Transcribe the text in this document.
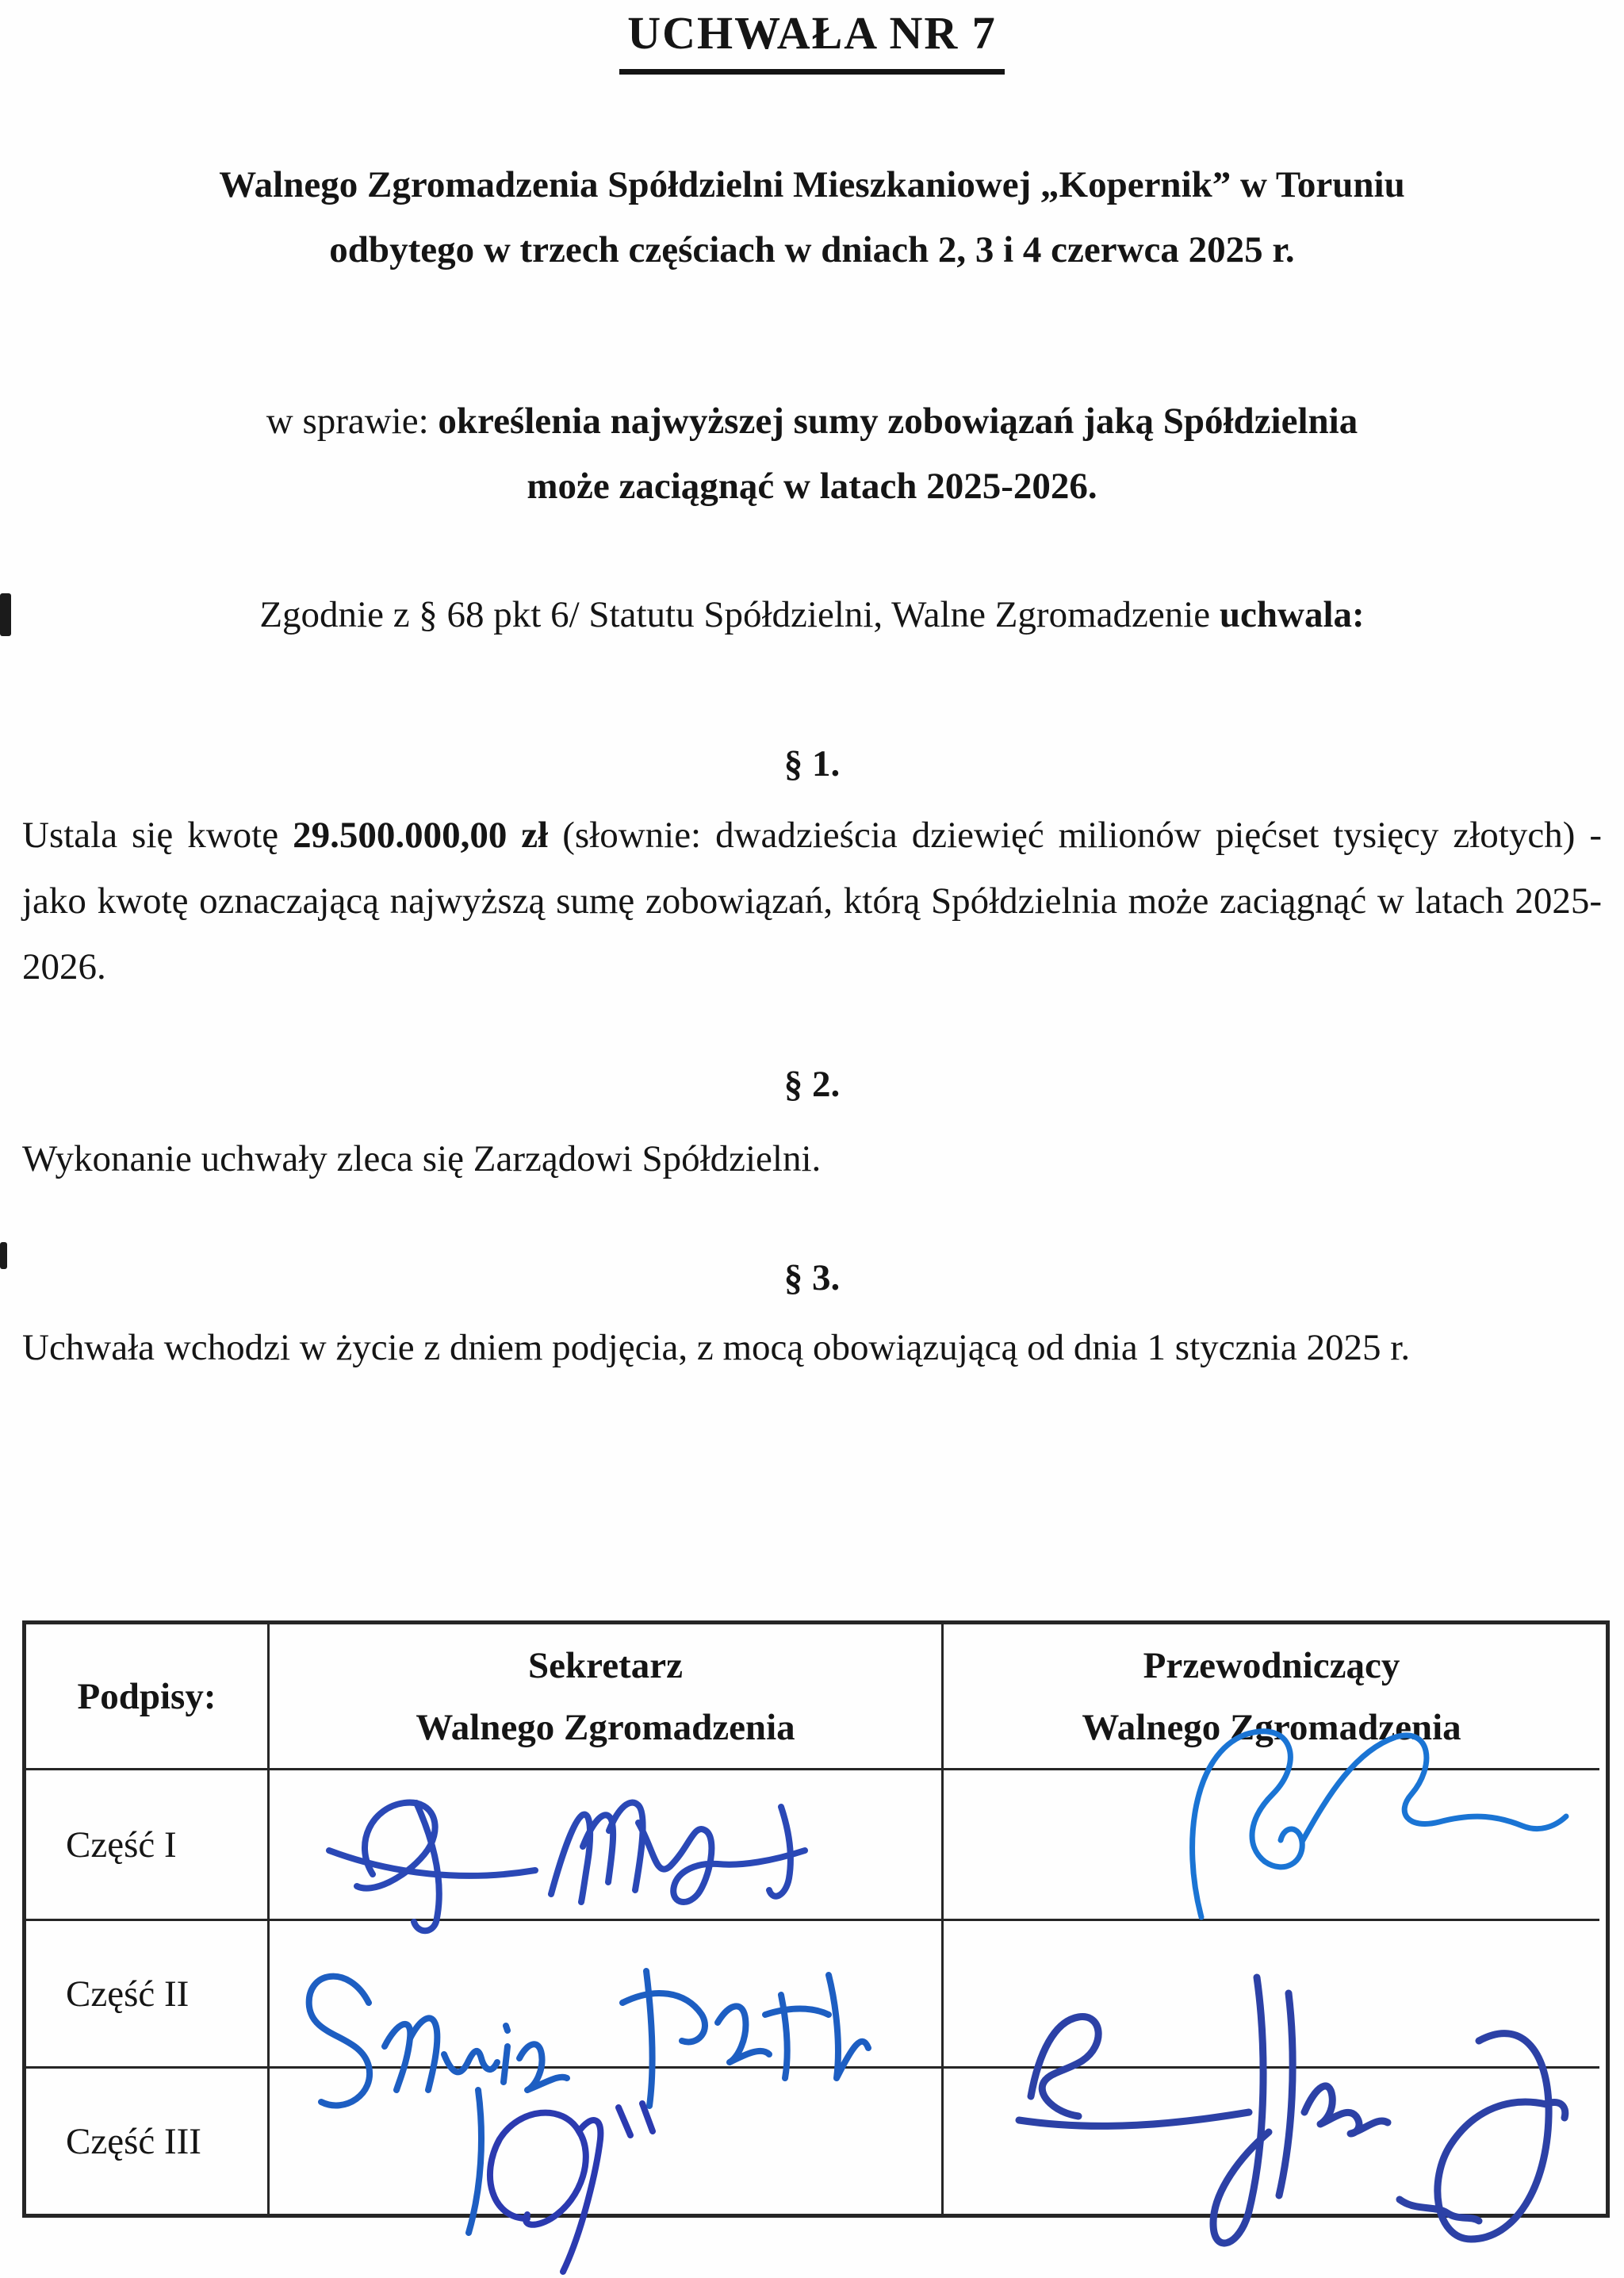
UCHWAŁA NR 7
Walnego Zgromadzenia Spółdzielni Mieszkaniowej „Kopernik” w Toruniu
odbytego w trzech częściach w dniach 2, 3 i 4 czerwca 2025 r.
w sprawie: określenia najwyższej sumy zobowiązań jaką Spółdzielnia
może zaciągnąć w latach 2025-2026.
Zgodnie z § 68 pkt 6/ Statutu Spółdzielni, Walne Zgromadzenie uchwala:
§ 1.
Ustala się kwotę 29.500.000,00 zł (słownie: dwadzieścia dziewięć milionów pięćset tysięcy złotych) - jako kwotę oznaczającą najwyższą sumę zobowiązań, którą Spółdzielnia może zaciągnąć w latach 2025-2026.
§ 2.
Wykonanie uchwały zleca się Zarządowi Spółdzielni.
§ 3.
Uchwała wchodzi w życie z dniem podjęcia, z mocą obowiązującą od dnia 1 stycznia 2025 r.
Podpisy:
Sekretarz
Walnego Zgromadzenia
Przewodniczący
Walnego Zgromadzenia
Część I
Część II
Część III
